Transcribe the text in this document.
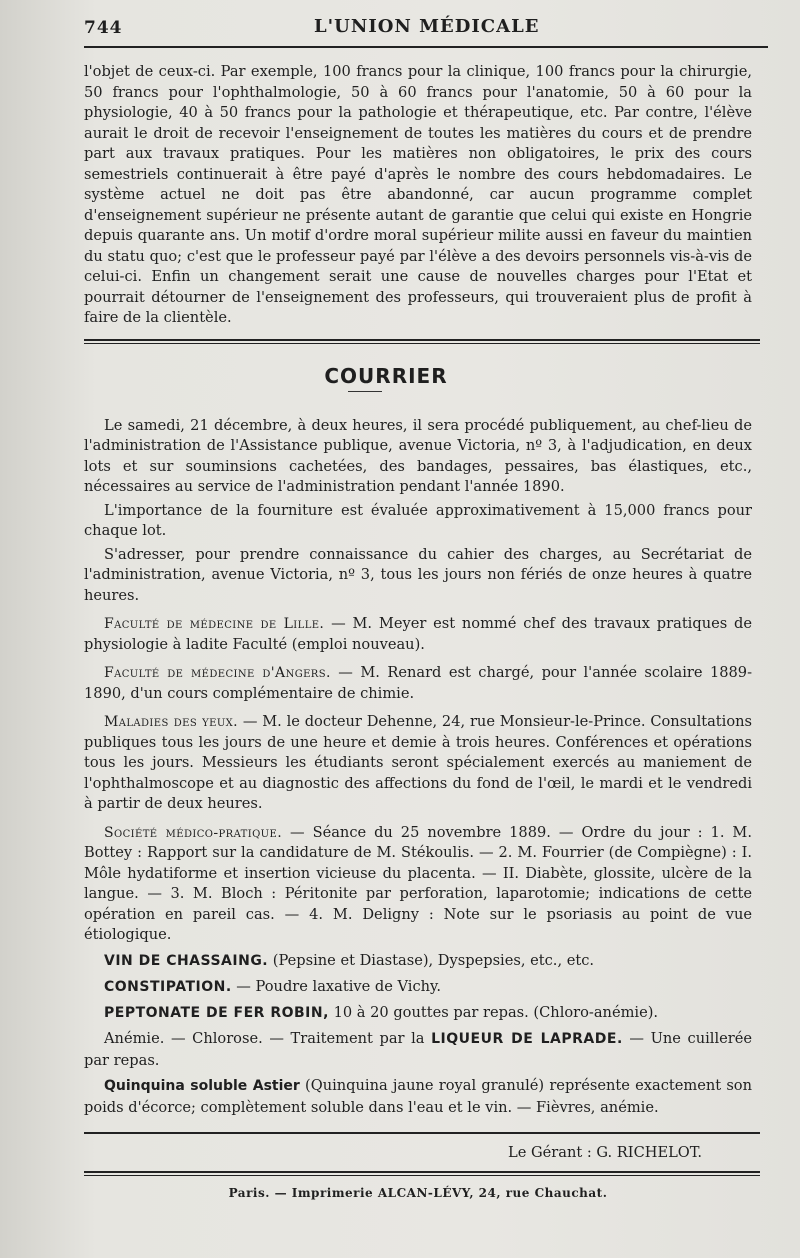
744	L'UNION MÉDICALE

l'objet de ceux-ci. Par exemple, 100 francs pour la clinique, 100 francs pour la chirurgie, 50 francs pour l'ophthalmologie, 50 à 60 francs pour l'anatomie, 50 à 60 pour la physiologie, 40 à 50 francs pour la pathologie et thérapeutique, etc. Par contre, l'élève aurait le droit de recevoir l'enseignement de toutes les matières du cours et de prendre part aux travaux pratiques. Pour les matières non obligatoires, le prix des cours semestriels continuerait à être payé d'après le nombre des cours hebdomadaires. Le système actuel ne doit pas être abandonné, car aucun programme complet d'enseignement supérieur ne présente autant de garantie que celui qui existe en Hongrie depuis quarante ans. Un motif d'ordre moral supérieur milite aussi en faveur du maintien du statu quo; c'est que le professeur payé par l'élève a des devoirs personnels vis-à-vis de celui-ci. Enfin un changement serait une cause de nouvelles charges pour l'Etat et pourrait détourner de l'enseignement des professeurs, qui trouveraient plus de profit à faire de la clientèle.

COURRIER

Le samedi, 21 décembre, à deux heures, il sera procédé publiquement, au chef-lieu de l'administration de l'Assistance publique, avenue Victoria, nº 3, à l'adjudication, en deux lots et sur souminsions cachetées, des bandages, pessaires, bas élastiques, etc., nécessaires au service de l'administration pendant l'année 1890.

L'importance de la fourniture est évaluée approximativement à 15,000 francs pour chaque lot.

S'adresser, pour prendre connaissance du cahier des charges, au Secrétariat de l'administration, avenue Victoria, nº 3, tous les jours non fériés de onze heures à quatre heures.

Faculté de médecine de Lille. — M. Meyer est nommé chef des travaux pratiques de physiologie à ladite Faculté (emploi nouveau).

Faculté de médecine d'Angers. — M. Renard est chargé, pour l'année scolaire 1889-1890, d'un cours complémentaire de chimie.

Maladies des yeux. — M. le docteur Dehenne, 24, rue Monsieur-le-Prince. Consultations publiques tous les jours de une heure et demie à trois heures. Conférences et opérations tous les jours. Messieurs les étudiants seront spécialement exercés au maniement de l'ophthalmoscope et au diagnostic des affections du fond de l'œil, le mardi et le vendredi à partir de deux heures.

Société médico-pratique. — Séance du 25 novembre 1889. — Ordre du jour : 1. M. Bottey : Rapport sur la candidature de M. Stékoulis. — 2. M. Fourrier (de Compiègne) : I. Môle hydatiforme et insertion vicieuse du placenta. — II. Diabète, glossite, ulcère de la langue. — 3. M. Bloch : Péritonite par perforation, laparotomie; indications de cette opération en pareil cas. — 4. M. Deligny : Note sur le psoriasis au point de vue étiologique.

VIN DE CHASSAING. (Pepsine et Diastase), Dyspepsies, etc., etc.

CONSTIPATION. — Poudre laxative de Vichy.

PEPTONATE DE FER ROBIN, 10 à 20 gouttes par repas. (Chloro-anémie).

Anémie. — Chlorose. — Traitement par la LIQUEUR DE LAPRADE. — Une cuillerée par repas.

Quinquina soluble Astier (Quinquina jaune royal granulé) représente exactement son poids d'écorce; complètement soluble dans l'eau et le vin. — Fièvres, anémie.

Le Gérant : G. RICHELOT.
Paris. — Imprimerie ALCAN-LÉVY, 24, rue Chauchat.
